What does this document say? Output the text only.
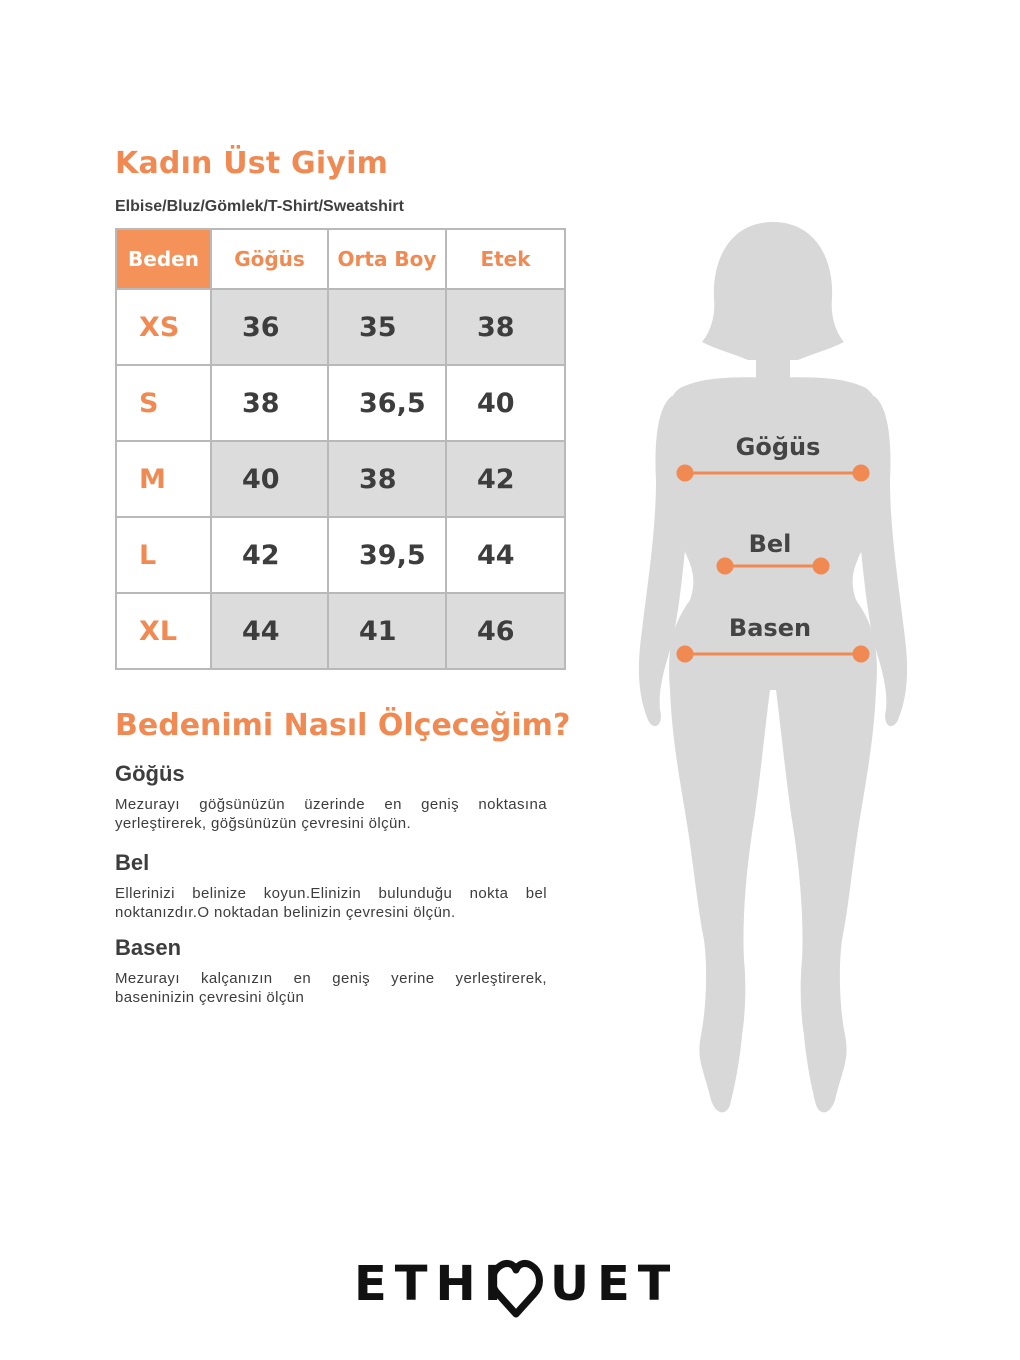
Kadın Üst Giyim
Elbise/Bluz/Gömlek/T-Shirt/Sweatshirt
Beden	Göğüs	Orta Boy	Etek
XS	36	35	38
S	38	36,5	40
M	40	38	42
L	42	39,5	44
XL	44	41	46
Bedenimi Nasıl Ölçeceğim?
Göğüs
Mezurayı göğsünüzün üzerinde en geniş noktasına yerleştirerek, göğsünüzün çevresini ölçün.
Bel
Ellerinizi belinize koyun.Elinizin bulunduğu nokta bel noktanızdır.O noktadan belinizin çevresini ölçün.
Basen
Mezurayı kalçanızın en geniş yerine yerleştirerek, baseninizin çevresini ölçün
Göğüs
Bel
Basen
ETHI UET
